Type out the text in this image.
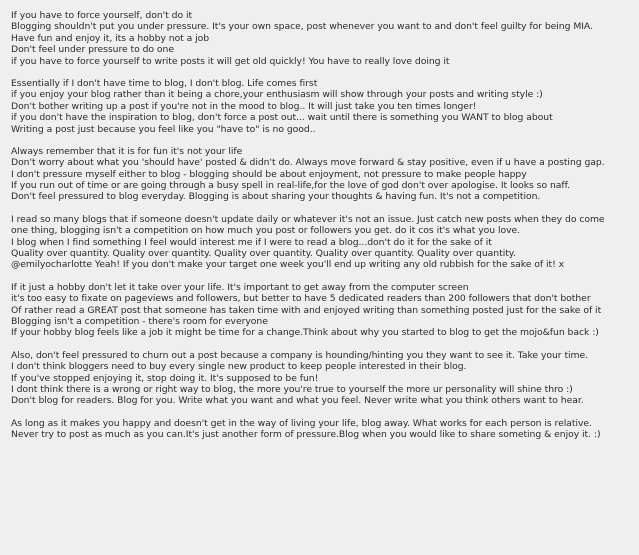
If you have to force yourself, don't do it
Blogging shouldn't put you under pressure. It's your own space, post whenever you want to and don't feel guilty for being MIA.
Have fun and enjoy it, its a hobby not a job
Don't feel under pressure to do one
if you have to force yourself to write posts it will get old quickly! You have to really love doing it
Essentially if I don't have time to blog, I don't blog. Life comes first
if you enjoy your blog rather than it being a chore,your enthusiasm will show through your posts and writing style :)
Don't bother writing up a post if you're not in the mood to blog.. It will just take you ten times longer!
if you don't have the inspiration to blog, don't force a post out... wait until there is something you WANT to blog about
Writing a post just because you feel like you "have to" is no good..
Always remember that it is for fun it's not your life
Don't worry about what you 'should have' posted & didn't do. Always move forward & stay positive, even if u have a posting gap.
I don't pressure myself either to blog - blogging should be about enjoyment, not pressure to make people happy
If you run out of time or are going through a busy spell in real-life,for the love of god don't over apologise. It looks so naff.
Don't feel pressured to blog everyday. Blogging is about sharing your thoughts & having fun. It's not a competition.
I read so many blogs that if someone doesn't update daily or whatever it's not an issue. Just catch new posts when they do come
one thing, blogging isn't a competition on how much you post or followers you get. do it cos it's what you love.
I blog when I find something I feel would interest me if I were to read a blog...don't do it for the sake of it
Quality over quantity. Quality over quantity. Quality over quantity. Quality over quantity. Quality over quantity.
@emilyocharlotte Yeah! If you don't make your target one week you'll end up writing any old rubbish for the sake of it! x
If it just a hobby don't let it take over your life. It's important to get away from the computer screen
it's too easy to fixate on pageviews and followers, but better to have 5 dedicated readers than 200 followers that don't bother
Of rather read a GREAT post that someone has taken time with and enjoyed writing than something posted just for the sake of it
Blogging isn't a competition - there's room for everyone
If your hobby blog feels like a job it might be time for a change.Think about why you started to blog to get the mojo&fun back :)
Also, don't feel pressured to churn out a post because a company is hounding/hinting you they want to see it. Take your time.
I don't think bloggers need to buy every single new product to keep people interested in their blog.
If you've stopped enjoying it, stop doing it. It's supposed to be fun!
I dont think there is a wrong or right way to blog, the more you're true to yourself the more ur personality will shine thro :)
Don't blog for readers. Blog for you. Write what you want and what you feel. Never write what you think others want to hear.
As long as it makes you happy and doesn't get in the way of living your life, blog away. What works for each person is relative.
Never try to post as much as you can.It's just another form of pressure.Blog when you would like to share someting & enjoy it. :)
